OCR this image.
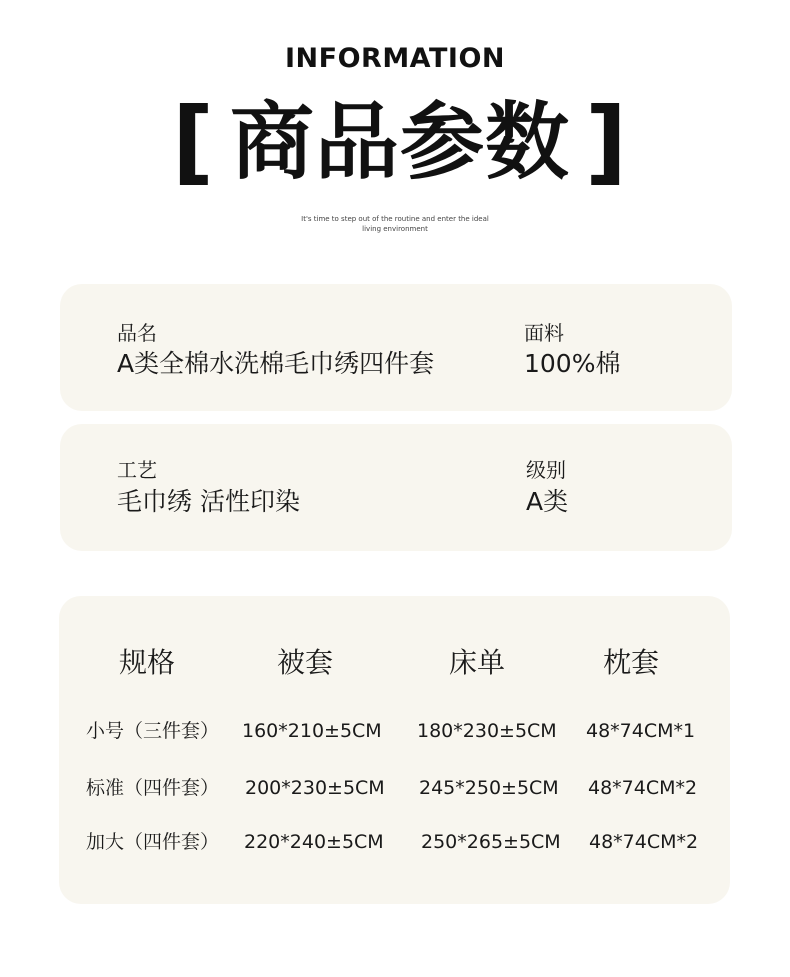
INFORMATION
[ 商品参数 ]
It's time to step out of the routine and enter the ideal
living environment
品名
A类全棉水洗棉毛巾绣四件套
面料
100%棉
工艺
毛巾绣 活性印染
级别
A类
规格	被套	床单	枕套
小号（三件套） 160*210±5CM 180*230±5CM 48*74CM*1
标准（四件套） 200*230±5CM 245*250±5CM 48*74CM*2
加大（四件套） 220*240±5CM 250*265±5CM 48*74CM*2
